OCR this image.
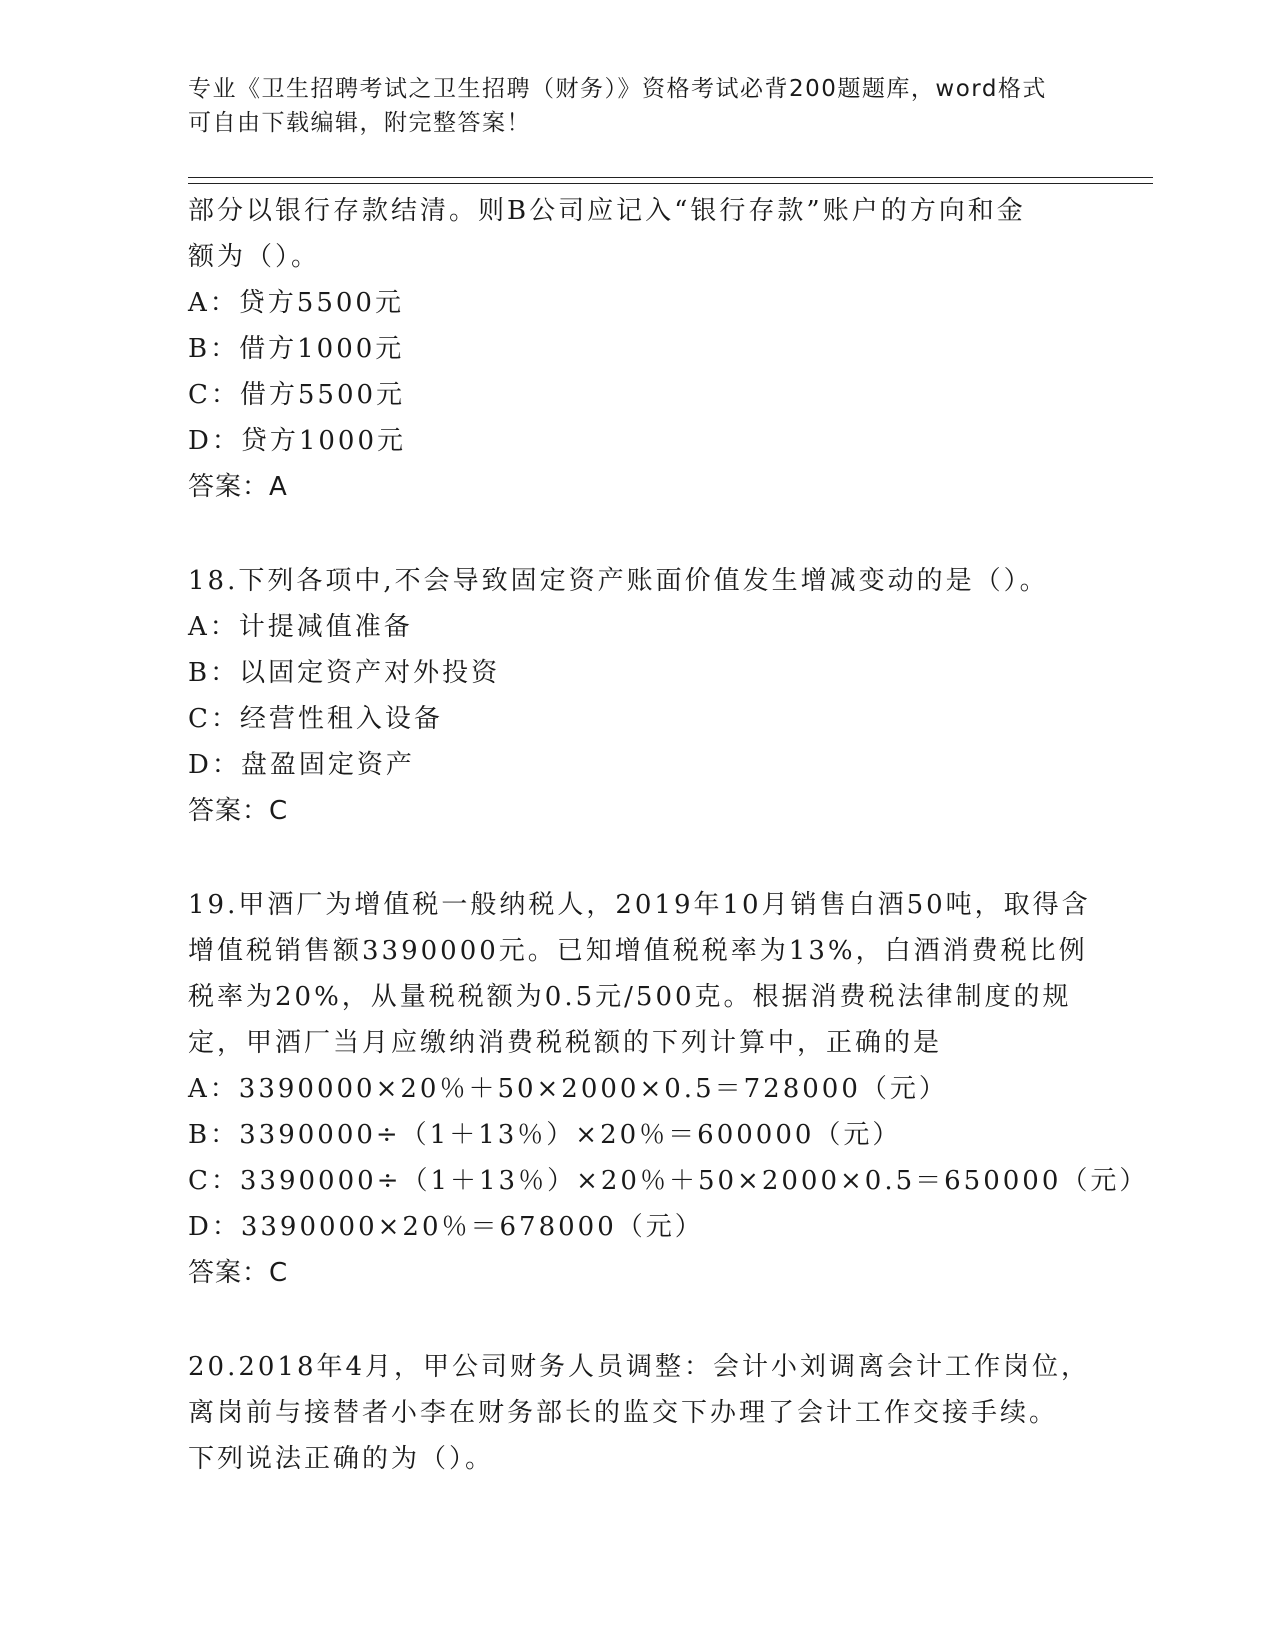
专业《卫生招聘考试之卫生招聘（财务）》资格考试必背200题题库，word格式
可自由下载编辑，附完整答案！
部分以银行存款结清。则B公司应记入“银行存款”账户的方向和金
额为（）。
A：贷方5500元
B：借方1000元
C：借方5500元
D：贷方1000元
答案：A
18.下列各项中,不会导致固定资产账面价值发生增减变动的是（）。
A：计提减值准备
B：以固定资产对外投资
C：经营性租入设备
D：盘盈固定资产
答案：C
19.甲酒厂为增值税一般纳税人，2019年10月销售白酒50吨，取得含
增值税销售额3390000元。已知增值税税率为13%，白酒消费税比例
税率为20%，从量税税额为0.5元/500克。根据消费税法律制度的规
定，甲酒厂当月应缴纳消费税税额的下列计算中，正确的是
A：3390000×20％＋50×2000×0.5＝728000（元）
B：3390000÷（1＋13％）×20％＝600000（元）
C：3390000÷（1＋13％）×20％＋50×2000×0.5＝650000（元）
D：3390000×20％＝678000（元）
答案：C
20.2018年4月，甲公司财务人员调整：会计小刘调离会计工作岗位，
离岗前与接替者小李在财务部长的监交下办理了会计工作交接手续。
下列说法正确的为（）。
